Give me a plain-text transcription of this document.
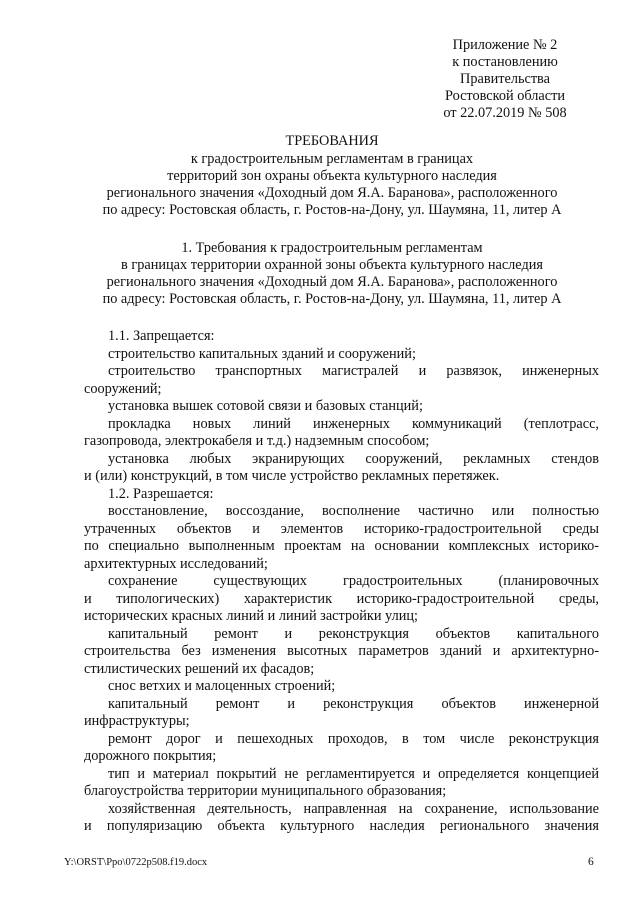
Приложение № 2
к постановлению
Правительства
Ростовской области
от 22.07.2019 № 508
ТРЕБОВАНИЯ
к градостроительным регламентам в границах
территорий зон охраны объекта культурного наследия
регионального значения «Доходный дом Я.А. Баранова», расположенного
по адресу: Ростовская область, г. Ростов-на-Дону, ул. Шаумяна, 11, литер А
1. Требования к градостроительным регламентам
в границах территории охранной зоны объекта культурного наследия
регионального значения «Доходный дом Я.А. Баранова», расположенного
по адресу: Ростовская область, г. Ростов-на-Дону, ул. Шаумяна, 11, литер А
1.1. Запрещается:
строительство капитальных зданий и сооружений;
строительство транспортных магистралей и развязок, инженерных
сооружений;
установка вышек сотовой связи и базовых станций;
прокладка новых линий инженерных коммуникаций (теплотрасс,
газопровода, электрокабеля и т.д.) надземным способом;
установка любых экранирующих сооружений, рекламных стендов
и (или) конструкций, в том числе устройство рекламных перетяжек.
1.2. Разрешается:
восстановление, воссоздание, восполнение частично или полностью
утраченных объектов и элементов историко-градостроительной среды
по специально выполненным проектам на основании комплексных историко-
архитектурных исследований;
сохранение существующих градостроительных (планировочных
и типологических) характеристик историко-градостроительной среды,
исторических красных линий и линий застройки улиц;
капитальный ремонт и реконструкция объектов капитального
строительства без изменения высотных параметров зданий и архитектурно-
стилистических решений их фасадов;
снос ветхих и малоценных строений;
капитальный ремонт и реконструкция объектов инженерной
инфраструктуры;
ремонт дорог и пешеходных проходов, в том числе реконструкция
дорожного покрытия;
тип и материал покрытий не регламентируется и определяется концепцией
благоустройства территории муниципального образования;
хозяйственная деятельность, направленная на сохранение, использование
и популяризацию объекта культурного наследия регионального значения
Y:\ORST\Ppo\0722p508.f19.docx	6
